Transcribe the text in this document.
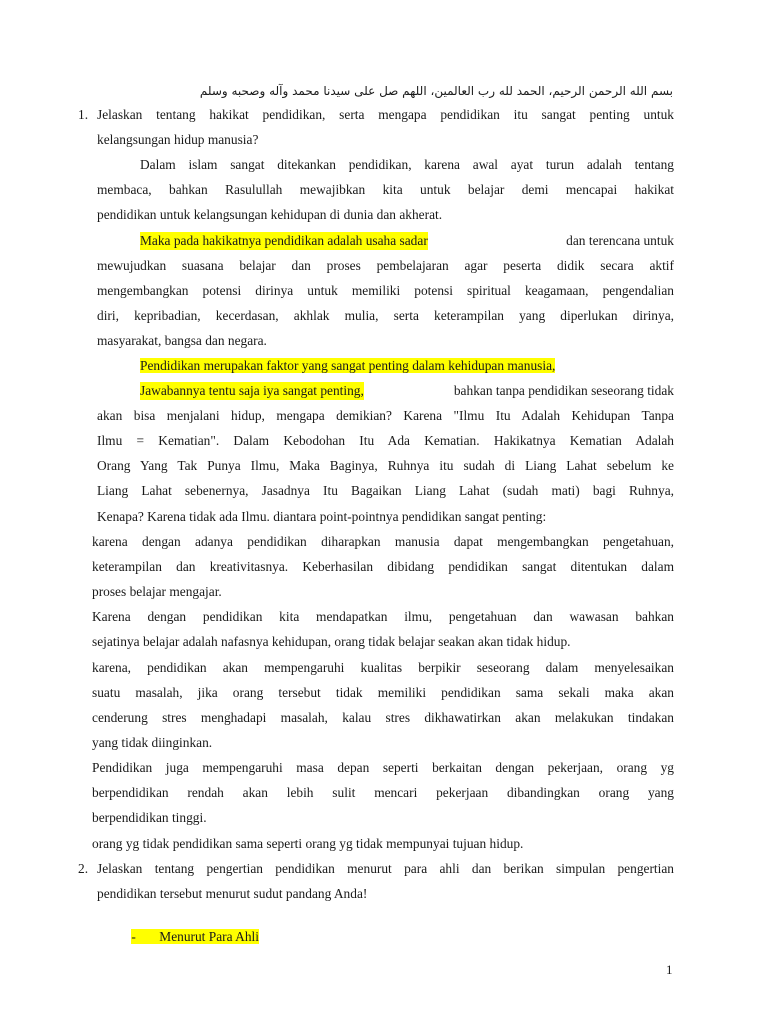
بسم الله الرحمن الرحيم، الحمد لله رب العالمين، اللهم صل على سيدنا محمد وآله وصحبه وسلم
1. Jelaskan tentang hakikat pendidikan, serta mengapa pendidikan itu sangat penting untuk
kelangsungan hidup manusia?
Dalam islam sangat ditekankan pendidikan, karena awal ayat turun adalah tentang
membaca, bahkan Rasulullah mewajibkan kita untuk belajar demi mencapai hakikat
pendidikan untuk kelangsungan kehidupan di dunia dan akherat.
Maka pada hakikatnya pendidikan adalah usaha sadar	dan terencana untuk
mewujudkan suasana belajar dan proses pembelajaran agar peserta didik secara aktif
mengembangkan potensi dirinya untuk memiliki potensi spiritual keagamaan, pengendalian
diri, kepribadian, kecerdasan, akhlak mulia, serta keterampilan yang diperlukan dirinya,
masyarakat, bangsa dan negara.
Pendidikan merupakan faktor yang sangat penting dalam kehidupan manusia,
Jawabannya tentu saja iya sangat penting,	bahkan tanpa pendidikan seseorang tidak
akan bisa menjalani hidup, mengapa demikian? Karena "Ilmu Itu Adalah Kehidupan Tanpa
Ilmu = Kematian". Dalam Kebodohan Itu Ada Kematian. Hakikatnya Kematian Adalah
Orang Yang Tak Punya Ilmu, Maka Baginya, Ruhnya itu sudah di Liang Lahat sebelum ke
Liang Lahat sebenernya, Jasadnya Itu Bagaikan Liang Lahat (sudah mati) bagi Ruhnya,
Kenapa? Karena tidak ada Ilmu. diantara point-pointnya pendidikan sangat penting:
karena dengan adanya pendidikan diharapkan manusia dapat mengembangkan pengetahuan,
keterampilan dan kreativitasnya. Keberhasilan dibidang pendidikan sangat ditentukan dalam
proses belajar mengajar.
Karena dengan pendidikan kita mendapatkan ilmu, pengetahuan dan wawasan bahkan
sejatinya belajar adalah nafasnya kehidupan, orang tidak belajar seakan akan tidak hidup.
karena, pendidikan akan mempengaruhi kualitas berpikir seseorang dalam menyelesaikan
suatu masalah, jika orang tersebut tidak memiliki pendidikan sama sekali maka akan
cenderung stres menghadapi masalah, kalau stres dikhawatirkan akan melakukan tindakan
yang tidak diinginkan.
Pendidikan juga mempengaruhi masa depan seperti berkaitan dengan pekerjaan, orang yg
berpendidikan rendah akan lebih sulit mencari pekerjaan dibandingkan orang yang
berpendidikan tinggi.
orang yg tidak pendidikan sama seperti orang yg tidak mempunyai tujuan hidup.
2. Jelaskan tentang pengertian pendidikan menurut para ahli dan berikan simpulan pengertian
pendidikan tersebut menurut sudut pandang Anda!

-       Menurut Para Ahli

1
